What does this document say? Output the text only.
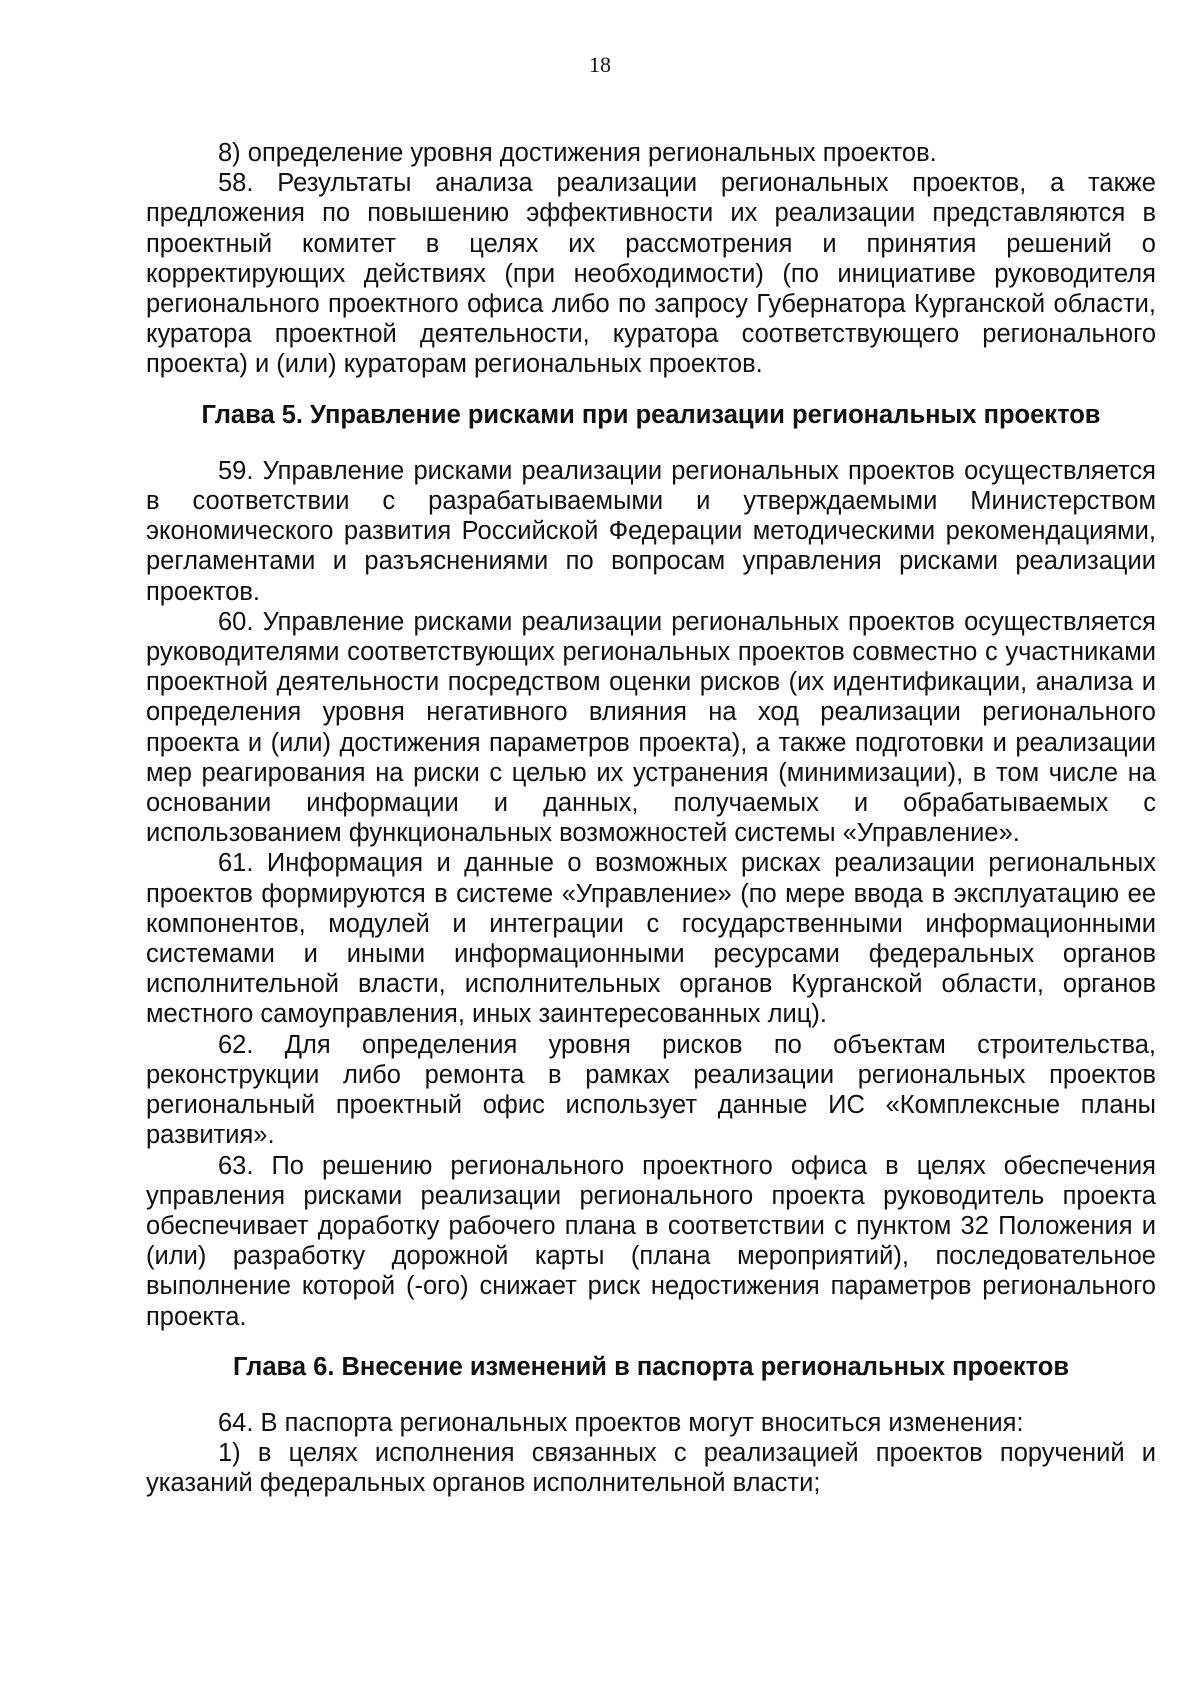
18

8) определение уровня достижения региональных проектов.

58. Результаты анализа реализации региональных проектов, а также предложения по повышению эффективности их реализации представляются в проектный комитет в целях их рассмотрения и принятия решений о корректирующих действиях (при необходимости) (по инициативе руководителя регионального проектного офиса либо по запросу Губернатора Курганской области, куратора проектной деятельности, куратора соответствующего регионального проекта) и (или) кураторам региональных проектов.

Глава 5. Управление рисками при реализации региональных проектов

59. Управление рисками реализации региональных проектов осуществляется в соответствии с разрабатываемыми и утверждаемыми Министерством экономического развития Российской Федерации методическими рекомендациями, регламентами и разъяснениями по вопросам управления рисками реализации проектов.

60. Управление рисками реализации региональных проектов осуществляется руководителями соответствующих региональных проектов совместно с участниками проектной деятельности посредством оценки рисков (их идентификации, анализа и определения уровня негативного влияния на ход реализации регионального проекта и (или) достижения параметров проекта), а также подготовки и реализации мер реагирования на риски с целью их устранения (минимизации), в том числе на основании информации и данных, получаемых и обрабатываемых с использованием функциональных возможностей системы «Управление».

61. Информация и данные о возможных рисках реализации региональных проектов формируются в системе «Управление» (по мере ввода в эксплуатацию ее компонентов, модулей и интеграции с государственными информационными системами и иными информационными ресурсами федеральных органов исполнительной власти, исполнительных органов Курганской области, органов местного самоуправления, иных заинтересованных лиц).

62. Для определения уровня рисков по объектам строительства, реконструкции либо ремонта в рамках реализации региональных проектов региональный проектный офис использует данные ИС «Комплексные планы развития».

63. По решению регионального проектного офиса в целях обеспечения управления рисками реализации регионального проекта руководитель проекта обеспечивает доработку рабочего плана в соответствии с пунктом 32 Положения и (или) разработку дорожной карты (плана мероприятий), последовательное выполнение которой (-ого) снижает риск недостижения параметров регионального проекта.

Глава 6. Внесение изменений в паспорта региональных проектов

64. В паспорта региональных проектов могут вноситься изменения:

1) в целях исполнения связанных с реализацией проектов поручений и указаний федеральных органов исполнительной власти;
